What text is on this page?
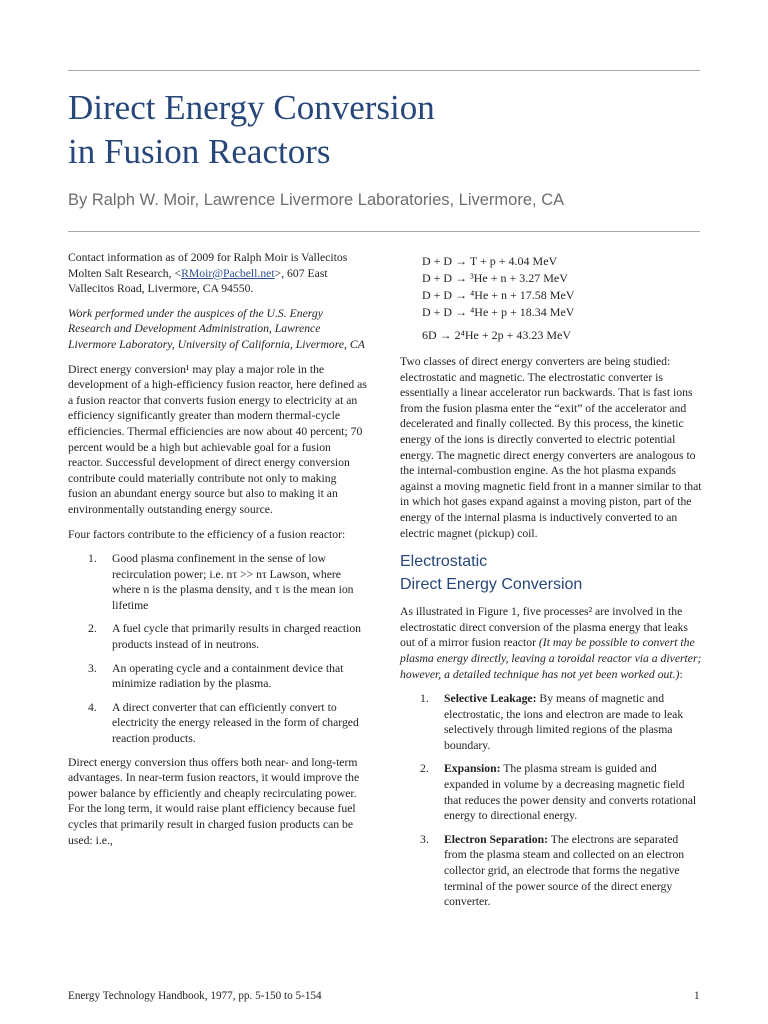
Direct Energy Conversion
in Fusion Reactors

By Ralph W. Moir, Lawrence Livermore Laboratories, Livermore, CA

Contact information as of 2009 for Ralph Moir is Vallecitos Molten Salt Research, <RMoir@Pacbell.net>, 607 East Vallecitos Road, Livermore, CA 94550.

Work performed under the auspices of the U.S. Energy Research and Development Administration, Lawrence Livermore Laboratory, University of California, Livermore, CA

Direct energy conversion¹ may play a major role in the development of a high-efficiency fusion reactor, here defined as a fusion reactor that converts fusion energy to electricity at an efficiency significantly greater than modern thermal-cycle efficiencies. Thermal efficiencies are now about 40 percent; 70 percent would be a high but achievable goal for a fusion reactor. Successful development of direct energy conversion contribute could materially contribute not only to making fusion an abundant energy source but also to making it an environmentally outstanding energy source.

Four factors contribute to the efficiency of a fusion reactor:

1. Good plasma confinement in the sense of low recirculation power; i.e. nτ >> nτ Lawson, where where n is the plasma density, and τ is the mean ion lifetime
2. A fuel cycle that primarily results in charged reaction products instead of in neutrons.
3. An operating cycle and a containment device that minimize radiation by the plasma.
4. A direct converter that can efficiently convert to electricity the energy released in the form of charged reaction products.

Direct energy conversion thus offers both near- and long-term advantages. In near-term fusion reactors, it would improve the power balance by efficiently and cheaply recirculating power. For the long term, it would raise plant efficiency because fuel cycles that primarily result in charged fusion products can be used: i.e.,

D + D → T + p + 4.04 MeV
D + D → ³He + n + 3.27 MeV
D + D → ⁴He + n + 17.58 MeV
D + D → ⁴He + p + 18.34 MeV
6D → 2⁴He + 2p + 43.23 MeV

Two classes of direct energy converters are being studied: electrostatic and magnetic. The electrostatic converter is essentially a linear accelerator run backwards. That is fast ions from the fusion plasma enter the “exit” of the accelerator and decelerated and finally collected. By this process, the kinetic energy of the ions is directly converted to electric potential energy. The magnetic direct energy converters are analogous to the internal-combustion engine. As the hot plasma expands against a moving magnetic field front in a manner similar to that in which hot gases expand against a moving piston, part of the energy of the internal plasma is inductively converted to an electric magnet (pickup) coil.

Electrostatic
Direct Energy Conversion

As illustrated in Figure 1, five processes² are involved in the electrostatic direct conversion of the plasma energy that leaks out of a mirror fusion reactor (It may be possible to convert the plasma energy directly, leaving a toroidal reactor via a diverter; however, a detailed technique has not yet been worked out.):

1. Selective Leakage: By means of magnetic and electrostatic, the ions and electron are made to leak selectively through limited regions of the plasma boundary.
2. Expansion: The plasma stream is guided and expanded in volume by a decreasing magnetic field that reduces the power density and converts rotational energy to directional energy.
3. Electron Separation: The electrons are separated from the plasma steam and collected on an electron collector grid, an electrode that forms the negative terminal of the power source of the direct energy converter.
Energy Technology Handbook, 1977, pp. 5-150 to 5-154	1
